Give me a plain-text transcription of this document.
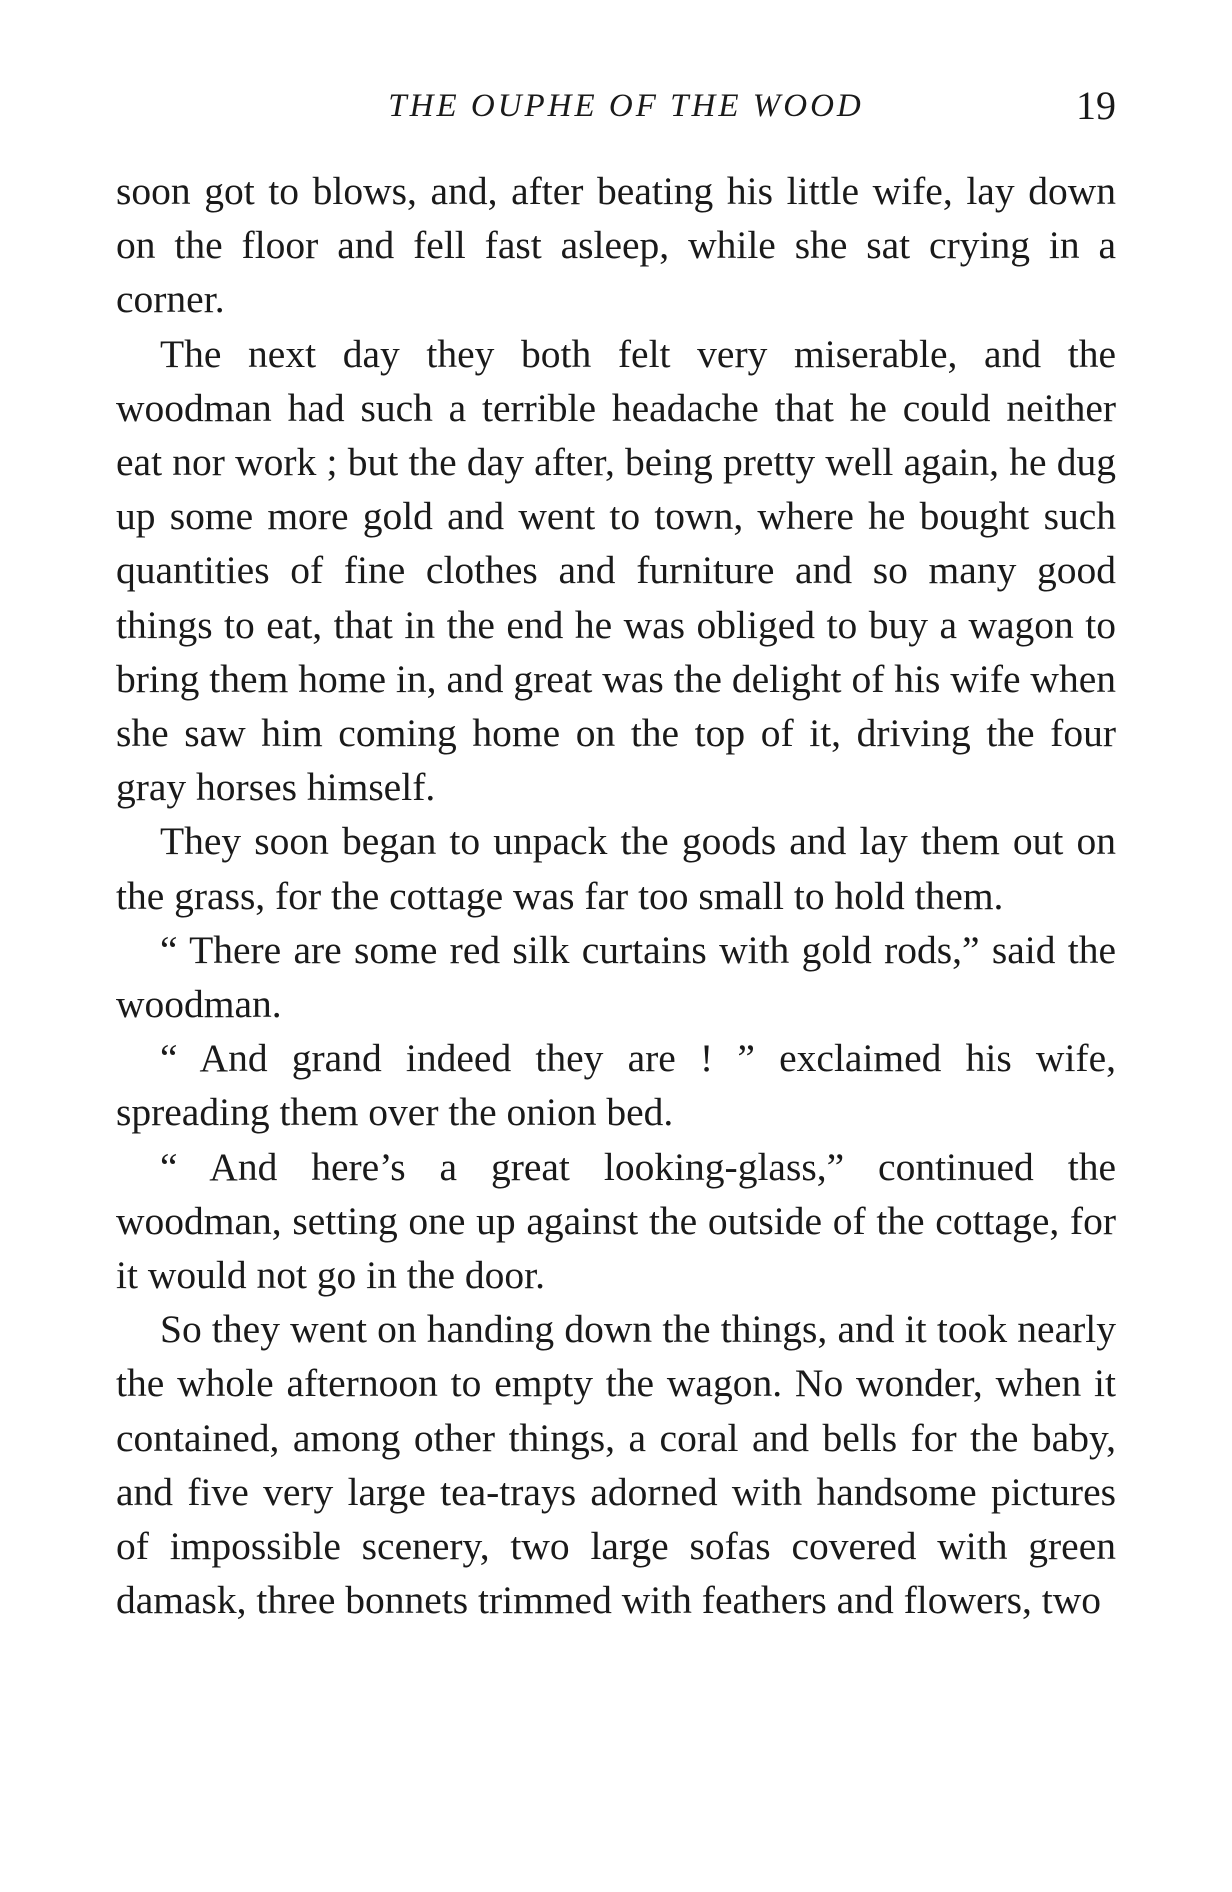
THE OUPHE OF THE WOOD	19

soon got to blows, and, after beating his little wife, lay down on the floor and fell fast asleep, while she sat crying in a corner.

The next day they both felt very miserable, and the woodman had such a terrible headache that he could neither eat nor work ; but the day after, being pretty well again, he dug up some more gold and went to town, where he bought such quantities of fine clothes and furniture and so many good things to eat, that in the end he was obliged to buy a wagon to bring them home in, and great was the delight of his wife when she saw him coming home on the top of it, driving the four gray horses himself.

They soon began to unpack the goods and lay them out on the grass, for the cottage was far too small to hold them.

“ There are some red silk curtains with gold rods,” said the woodman.

“ And grand indeed they are ! ” exclaimed his wife, spreading them over the onion bed.

“ And here’s a great looking-glass,” continued the woodman, setting one up against the outside of the cottage, for it would not go in the door.

So they went on handing down the things, and it took nearly the whole afternoon to empty the wagon. No wonder, when it contained, among other things, a coral and bells for the baby, and five very large tea-trays adorned with handsome pictures of impossible scenery, two large sofas covered with green damask, three bonnets trimmed with feathers and flowers, two
